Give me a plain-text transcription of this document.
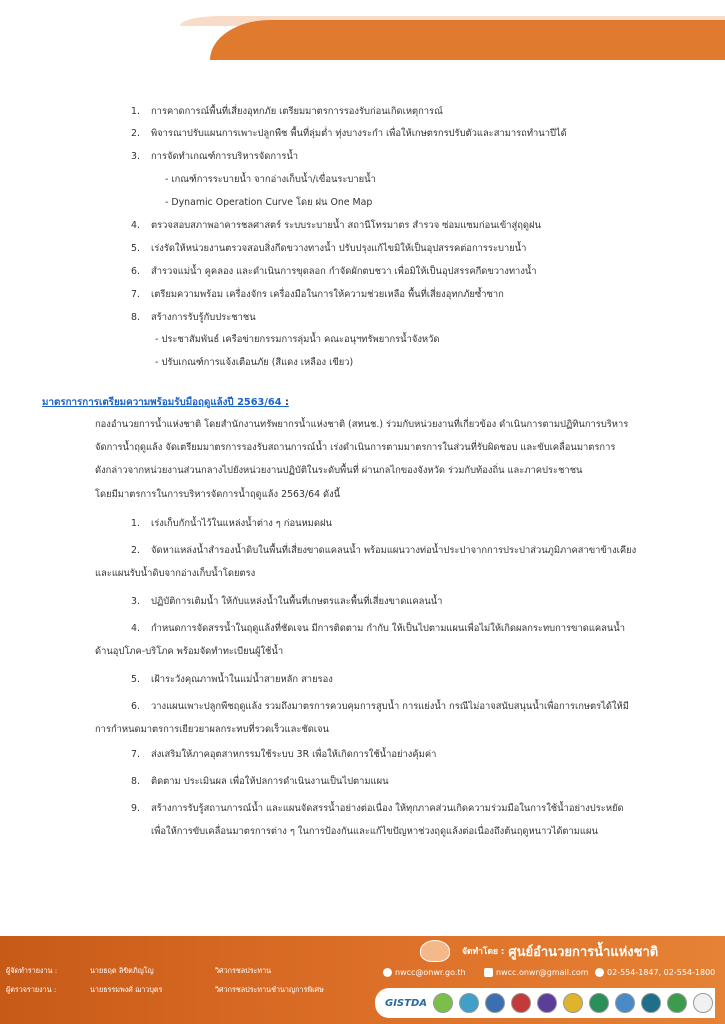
1. การคาดการณ์พื้นที่เสี่ยงอุทกภัย เตรียมมาตรการรองรับก่อนเกิดเหตุการณ์
2. พิจารณาปรับแผนการเพาะปลูกพืช พื้นที่ลุ่มต่ำ ทุ่งบางระกำ เพื่อให้เกษตรกรปรับตัวและสามารถทำนาปีได้
3. การจัดทำเกณฑ์การบริหารจัดการน้ำ
- เกณฑ์การระบายน้ำ จากอ่างเก็บน้ำ/เขื่อนระบายน้ำ
- Dynamic Operation Curve โดย ฝน One Map
4. ตรวจสอบสภาพอาคารชลศาสตร์ ระบบระบายน้ำ สถานีโทรมาตร สำรวจ ซ่อมแซมก่อนเข้าสู่ฤดูฝน
5. เร่งรัดให้หน่วยงานตรวจสอบสิ่งกีดขวางทางน้ำ ปรับปรุงแก้ไขมิให้เป็นอุปสรรคต่อการระบายน้ำ
6. สำรวจแม่น้ำ คูคลอง และดำเนินการขุดลอก กำจัดผักตบชวา เพื่อมิให้เป็นอุปสรรคกีดขวางทางน้ำ
7. เตรียมความพร้อม เครื่องจักร เครื่องมือในการให้ความช่วยเหลือ พื้นที่เสี่ยงอุทกภัยซ้ำซาก
8. สร้างการรับรู้กับประชาชน
- ประชาสัมพันธ์ เครือข่ายกรรมการลุ่มน้ำ คณะอนุฯทรัพยากรน้ำจังหวัด
- ปรับเกณฑ์การแจ้งเตือนภัย (สีแดง เหลือง เขียว)
มาตรการการเตรียมความพร้อมรับมือฤดูแล้งปี 2563/64 :
กองอำนวยการน้ำแห่งชาติ โดยสำนักงานทรัพยากรน้ำแห่งชาติ (สทนช.) ร่วมกับหน่วยงานที่เกี่ยวข้อง ดำเนินการตามปฏิทินการบริหาร
จัดการน้ำฤดูแล้ง จัดเตรียมมาตรการรองรับสถานการณ์น้ำ เร่งดำเนินการตามมาตรการในส่วนที่รับผิดชอบ และขับเคลื่อนมาตรการ
ดังกล่าวจากหน่วยงานส่วนกลางไปยังหน่วยงานปฏิบัติในระดับพื้นที่ ผ่านกลไกของจังหวัด ร่วมกับท้องถิ่น และภาคประชาชน
โดยมีมาตรการในการบริหารจัดการน้ำฤดูแล้ง 2563/64 ดังนี้
1. เร่งเก็บกักน้ำไว้ในแหล่งน้ำต่าง ๆ ก่อนหมดฝน
2. จัดหาแหล่งน้ำสำรองน้ำดิบในพื้นที่เสี่ยงขาดแคลนน้ำ พร้อมแผนวางท่อน้ำประปาจากการประปาส่วนภูมิภาคสาขาข้างเคียง
และแผนรับน้ำดิบจากอ่างเก็บน้ำโดยตรง
3. ปฏิบัติการเติมน้ำ ให้กับแหล่งน้ำในพื้นที่เกษตรและพื้นที่เสี่ยงขาดแคลนน้ำ
4. กำหนดการจัดสรรน้ำในฤดูแล้งที่ชัดเจน มีการติดตาม กำกับ ให้เป็นไปตามแผนเพื่อไม่ให้เกิดผลกระทบการขาดแคลนน้ำ
ด้านอุปโภค-บริโภค พร้อมจัดทำทะเบียนผู้ใช้น้ำ
5. เฝ้าระวังคุณภาพน้ำในแม่น้ำสายหลัก สายรอง
6. วางแผนเพาะปลูกพืชฤดูแล้ง รวมถึงมาตรการควบคุมการสูบน้ำ การแย่งน้ำ กรณีไม่อาจสนับสนุนน้ำเพื่อการเกษตรได้ให้มี
การกำหนดมาตรการเยียวยาผลกระทบที่รวดเร็วและชัดเจน
7. ส่งเสริมให้ภาคอุตสาหกรรมใช้ระบบ 3R เพื่อให้เกิดการใช้น้ำอย่างคุ้มค่า
8. ติดตาม ประเมินผล เพื่อให้ปลการดำเนินงานเป็นไปตามแผน
9. สร้างการรับรู้สถานการณ์น้ำ และแผนจัดสรรน้ำอย่างต่อเนื่อง ให้ทุกภาคส่วนเกิดความร่วมมือในการใช้น้ำอย่างประหยัด
เพื่อให้การขับเคลื่อนมาตรการต่าง ๆ ในการป้องกันและแก้ไขปัญหาช่วงฤดูแล้งต่อเนื่องถึงต้นฤดูหนาวได้ตามแผน
ผู้จัดทำรายงาน :	นายธฤต ลิขิตภิญโญ	วิศวกรชลประทาน
ผู้ตรวจรายงาน :	นายธรรมพงศ์ ฌาวบุตร	วิศวกรชลประทานชำนาญการพิเศษ
จัดทำโดย : ศูนย์อำนวยการน้ำแห่งชาติ
nwcc@onwr.go.th	nwcc.onwr@gmail.com 02-554-1847, 02-554-1800
GISTDA
